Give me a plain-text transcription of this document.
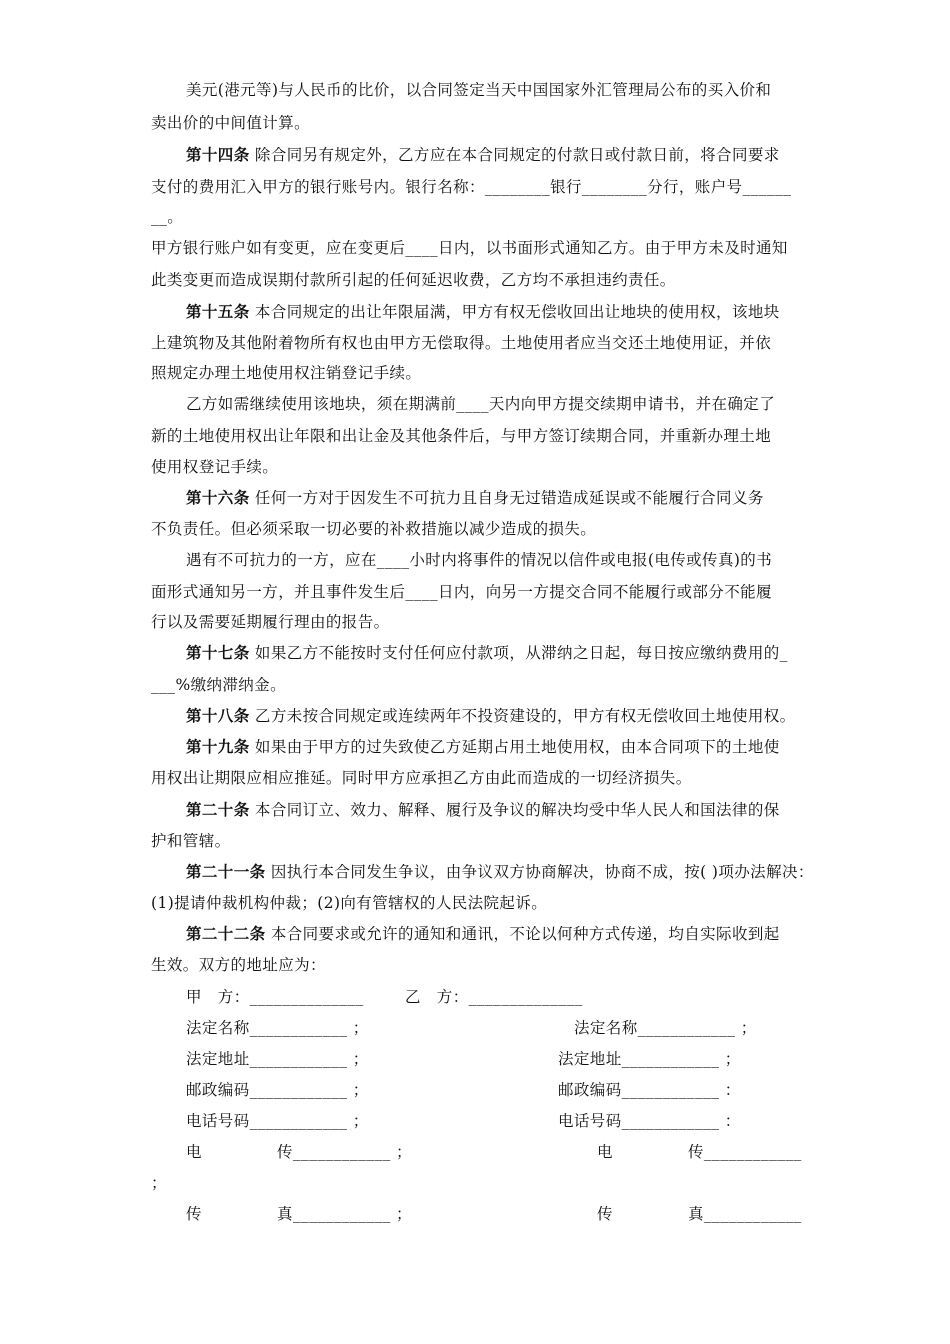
美元(港元等)与人民币的比价，以合同签定当天中国国家外汇管理局公布的买入价和
卖出价的中间值计算。
第十四条 除合同另有规定外，乙方应在本合同规定的付款日或付款日前，将合同要求
支付的费用汇入甲方的银行账号内。银行名称：________银行________分行，账户号______
__。
甲方银行账户如有变更，应在变更后____日内，以书面形式通知乙方。由于甲方未及时通知
此类变更而造成误期付款所引起的任何延迟收费，乙方均不承担违约责任。
第十五条 本合同规定的出让年限届满，甲方有权无偿收回出让地块的使用权，该地块
上建筑物及其他附着物所有权也由甲方无偿取得。土地使用者应当交还土地使用证，并依
照规定办理土地使用权注销登记手续。
乙方如需继续使用该地块，须在期满前____天内向甲方提交续期申请书，并在确定了
新的土地使用权出让年限和出让金及其他条件后，与甲方签订续期合同，并重新办理土地
使用权登记手续。
第十六条 任何一方对于因发生不可抗力且自身无过错造成延误或不能履行合同义务
不负责任。但必须采取一切必要的补救措施以减少造成的损失。
遇有不可抗力的一方，应在____小时内将事件的情况以信件或电报(电传或传真)的书
面形式通知另一方，并且事件发生后____日内，向另一方提交合同不能履行或部分不能履
行以及需要延期履行理由的报告。
第十七条 如果乙方不能按时支付任何应付款项，从滞纳之日起，每日按应缴纳费用的_
___%缴纳滞纳金。
第十八条 乙方未按合同规定或连续两年不投资建设的，甲方有权无偿收回土地使用权。
第十九条 如果由于甲方的过失致使乙方延期占用土地使用权，由本合同项下的土地使
用权出让期限应相应推延。同时甲方应承担乙方由此而造成的一切经济损失。
第二十条 本合同订立、效力、解释、履行及争议的解决均受中华人民人和国法律的保
护和管辖。
第二十一条 因执行本合同发生争议，由争议双方协商解决，协商不成，按( )项办法解决：
(1)提请仲裁机构仲裁；(2)向有管辖权的人民法院起诉。
第二十二条 本合同要求或允许的通知和通讯，不论以何种方式传递，均自实际收到起
生效。双方的地址应为：
甲　方：______________	乙　方：______________
法定名称____________ ；	法定名称____________ ；
法定地址____________ ；	法定地址____________ ；
邮政编码____________ ；	邮政编码____________ ：
电话号码____________ ；	电话号码____________ ：
电	传____________ ；	电	传____________
；
传	真____________ ；	传	真____________
